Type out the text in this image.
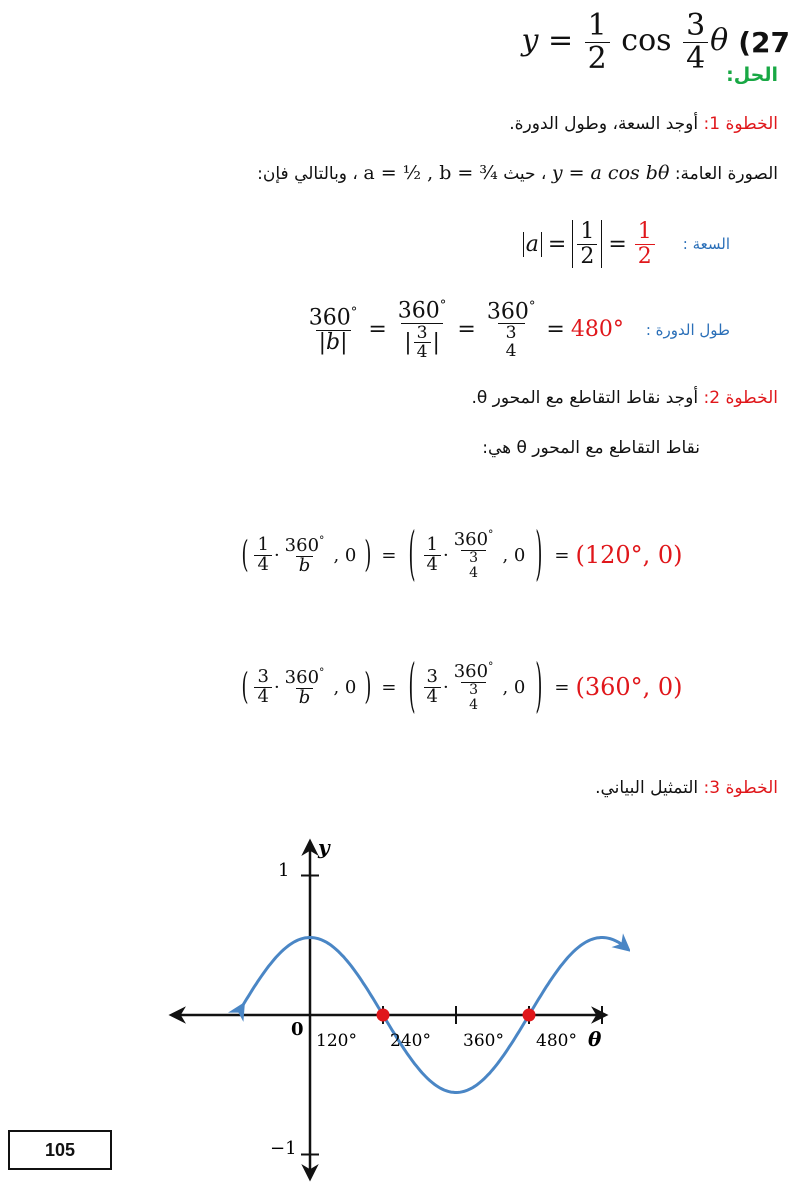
$y = \frac{1}{2}$ $\cos \frac{3}{4}$ θ (27
الحل:
الخطوة 1: أوجد السعة، وطول الدورة.
الصورة العامة: y = a cos bθ ، حيث a = ½ , b = ¾ ، وبالتالي فإن:
$a = \frac{1}{2} = \frac{1}{2}$ السعة :
$\frac{360^\circ}{|b|} = \frac{360^\circ}{| \frac{3}{4} |} = 360^\circ$
3
4 = 480° طول الدورة :
الخطوة 2: أوجد نقاط التقاطع مع المحور θ.
نقاط التقاطع مع المحور θ هي:
( $\frac{1}{4} \cdot \frac{360^\circ}{b}$ , 0 ) = ( $\frac{1}{4} \cdot 360^\circ$
3
4 , 0 ) = (120°, 0)
( $\frac{3}{4} \cdot \frac{360^\circ}{b}$ , 0 ) = ( $\frac{3}{4} \cdot 360^\circ$
3
4 , 0 ) = (360°, 0)
الخطوة 3: التمثيل البياني.
y
θ
0
1
−1
120° 240° 360° 480°
105
